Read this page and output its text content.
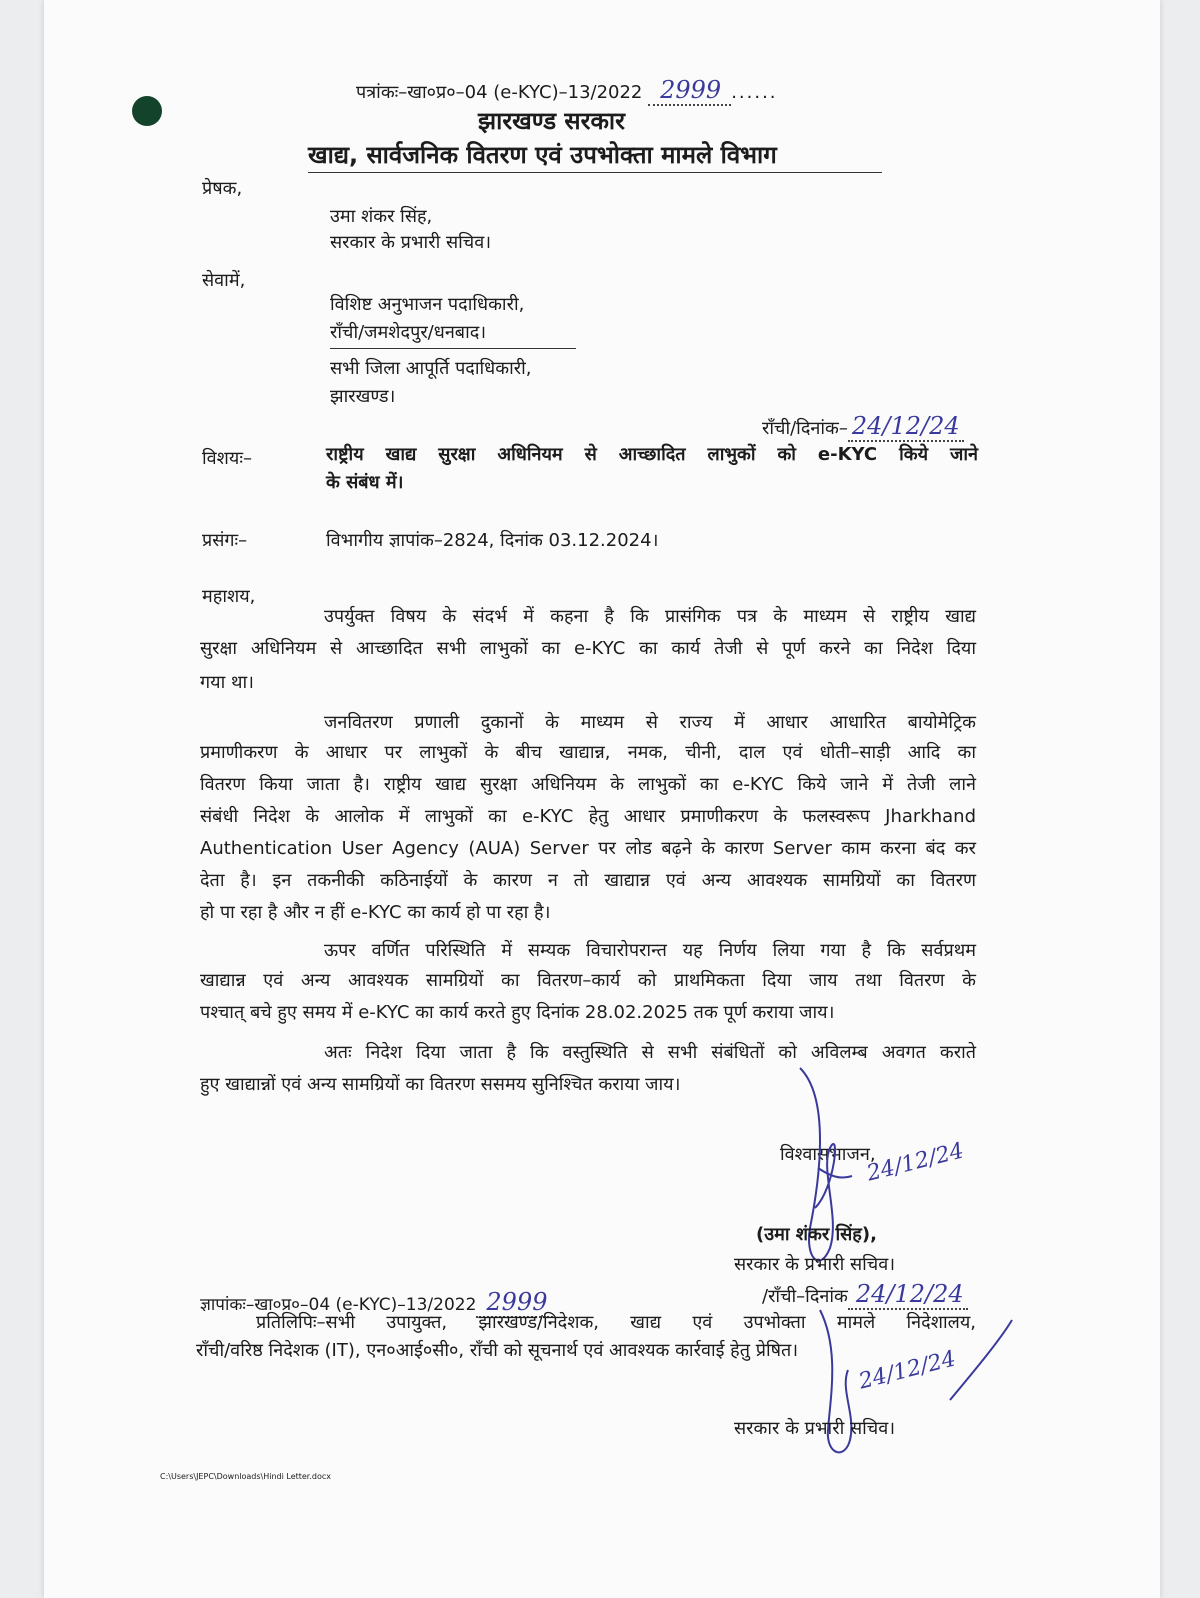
पत्रांकः–खा०प्र०–04 (e-KYC)–13/2022 2999 ......
झारखण्ड सरकार
खाद्य, सार्वजनिक वितरण एवं उपभोक्ता मामले विभाग
प्रेषक,
उमा शंकर सिंह,
सरकार के प्रभारी सचिव।
सेवामें,
विशिष्ट अनुभाजन पदाधिकारी,
राँची/जमशेदपुर/धनबाद।
सभी जिला आपूर्ति पदाधिकारी,
झारखण्ड।
राँची/दिनांक– 24/12/24
विशयः–	राष्ट्रीय खाद्य सुरक्षा अधिनियम से आच्छादित लाभुकों को e-KYC किये जाने
के संबंध में।
प्रसंगः–	विभागीय ज्ञापांक–2824, दिनांक 03.12.2024।
महाशय,
उपर्युक्त विषय के संदर्भ में कहना है कि प्रासंगिक पत्र के माध्यम से राष्ट्रीय खाद्य
सुरक्षा अधिनियम से आच्छादित सभी लाभुकों का e-KYC का कार्य तेजी से पूर्ण करने का निदेश दिया
गया था।
जनवितरण प्रणाली दुकानों के माध्यम से राज्य में आधार आधारित बायोमेट्रिक
प्रमाणीकरण के आधार पर लाभुकों के बीच खाद्यान्न, नमक, चीनी, दाल एवं धोती–साड़ी आदि का
वितरण किया जाता है। राष्ट्रीय खाद्य सुरक्षा अधिनियम के लाभुकों का e-KYC किये जाने में तेजी लाने
संबंधी निदेश के आलोक में लाभुकों का e-KYC हेतु आधार प्रमाणीकरण के फलस्वरूप Jharkhand
Authentication User Agency (AUA) Server पर लोड बढ़ने के कारण Server काम करना बंद कर
देता है। इन तकनीकी कठिनाईयों के कारण न तो खाद्यान्न एवं अन्य आवश्यक सामग्रियों का वितरण
हो पा रहा है और न हीं e-KYC का कार्य हो पा रहा है।
ऊपर वर्णित परिस्थिति में सम्यक विचारोपरान्त यह निर्णय लिया गया है कि सर्वप्रथम
खाद्यान्न एवं अन्य आवश्यक सामग्रियों का वितरण–कार्य को प्राथमिकता दिया जाय तथा वितरण के
पश्चात् बचे हुए समय में e-KYC का कार्य करते हुए दिनांक 28.02.2025 तक पूर्ण कराया जाय।
अतः निदेश दिया जाता है कि वस्तुस्थिति से सभी संबंधितों को अविलम्ब अवगत कराते
हुए खाद्यान्नों एवं अन्य सामग्रियों का वितरण ससमय सुनिश्चित कराया जाय।
विश्वासभाजन,
24/12/24
(उमा शंकर सिंह),
सरकार के प्रभारी सचिव।
ज्ञापांकः–खा०प्र०–04 (e-KYC)–13/2022 2999	/राँची–दिनांक 24/12/24
प्रतिलिपिः–सभी उपायुक्त, झारखण्ड/निदेशक, खाद्य एवं उपभोक्ता मामले निदेशालय,
राँची/वरिष्ठ निदेशक (IT), एन०आई०सी०, राँची को सूचनार्थ एवं आवश्यक कार्रवाई हेतु प्रेषित।	24/12/24
सरकार के प्रभारी सचिव।
C:\Users\JEPC\Downloads\Hindi Letter.docx
